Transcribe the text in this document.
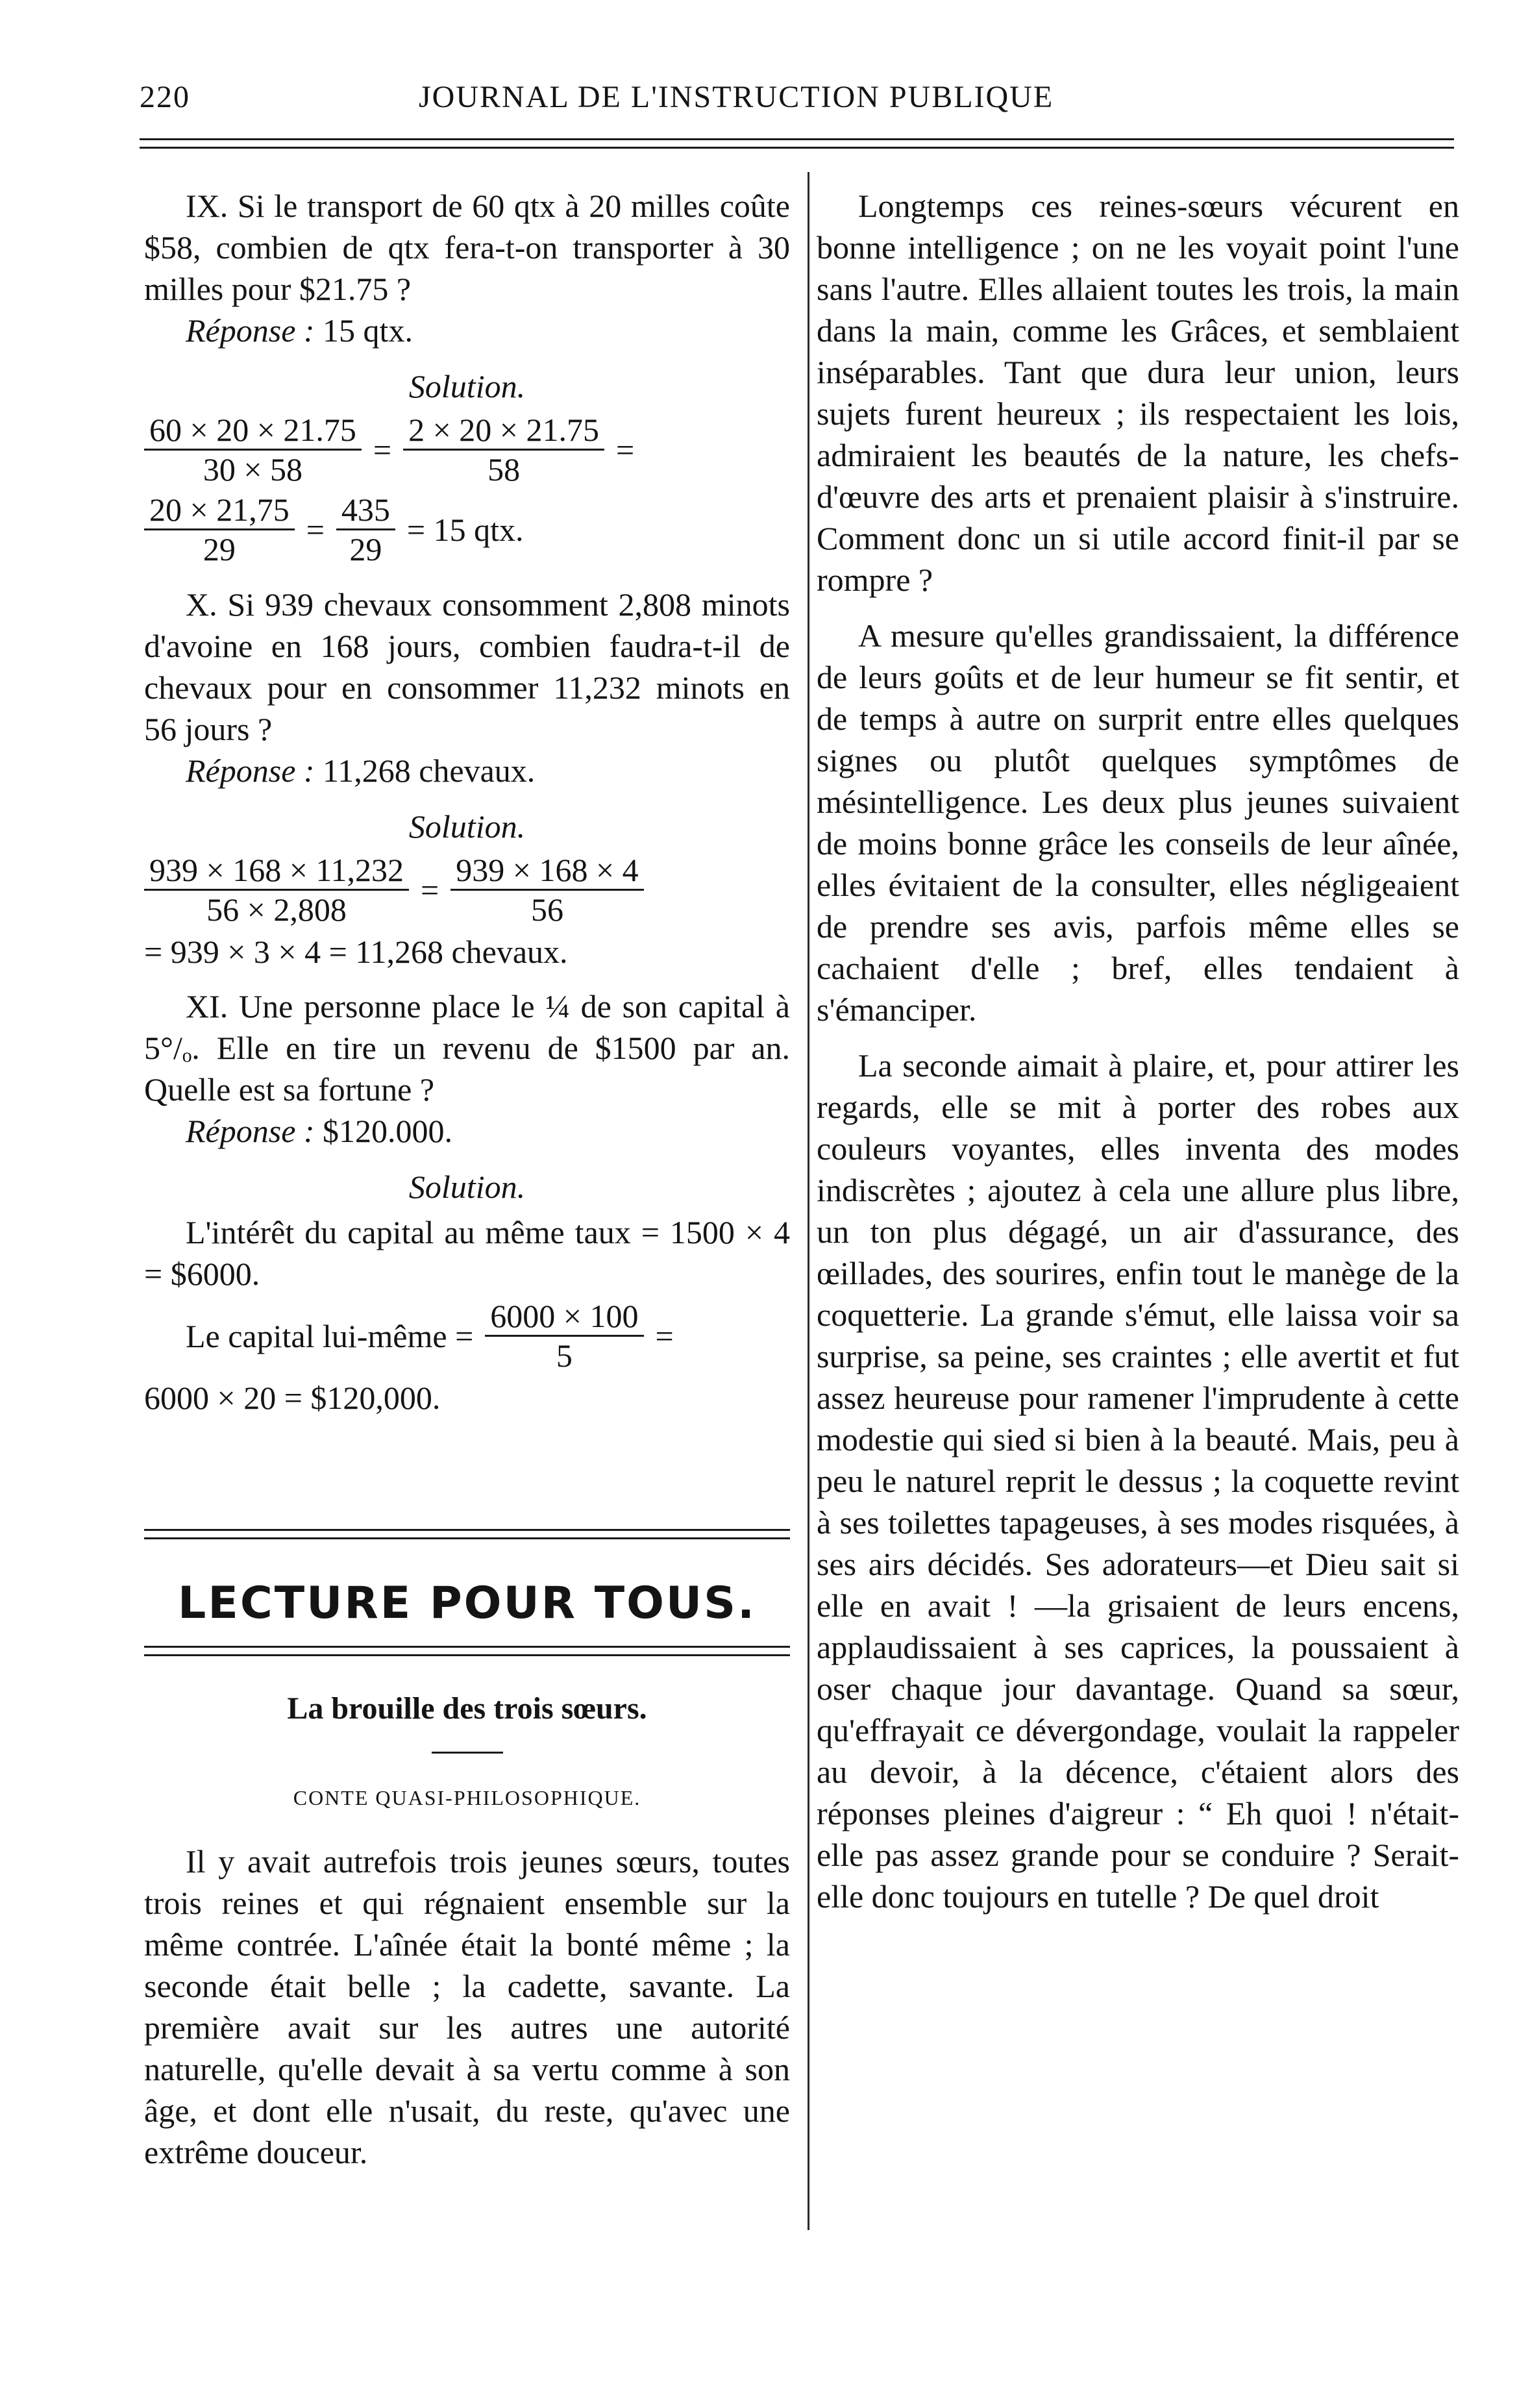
220	JOURNAL DE L'INSTRUCTION PUBLIQUE

IX. Si le transport de 60 qtx à 20 milles coûte $58, combien de qtx fera-t-on transporter à 30 milles pour $21.75 ?

Réponse : 15 qtx.

Solution.
$\frac{60 \times 20 \times 21.75}{30 \times 58} = \frac{2 \times 20 \times 21.75}{58}$ =
$\frac{20 \times 21,75}{29} = \frac{435}{29} = 15$ qtx.

X. Si 939 chevaux consomment 2,808 minots d'avoine en 168 jours, combien faudra-t-il de chevaux pour en consommer 11,232 minots en 56 jours ?

Réponse : 11,268 chevaux.

Solution.
$\frac{939 \times 168 \times 11,232}{56 \times 2,808} = \frac{939 \times 168 \times 4}{56}$
= 939 × 3 × 4 = 11,268 chevaux.

XI. Une personne place le ¼ de son capital à 5°/ₒ. Elle en tire un revenu de $1500 par an. Quelle est sa fortune ?

Réponse : $120.000.

Solution.

L'intérêt du capital au même taux = 1500 × 4 = $6000.

Le capital lui-même = $\frac{6000 \times 100}{5}$ =
6000 × 20 = $120,000.
LECTURE POUR TOUS.

La brouille des trois sœurs.

CONTE QUASI-PHILOSOPHIQUE.

Il y avait autrefois trois jeunes sœurs, toutes trois reines et qui régnaient ensemble sur la même contrée. L'aînée était la bonté même ; la seconde était belle ; la cadette, savante. La première avait sur les autres une autorité naturelle, qu'elle devait à sa vertu comme à son âge, et dont elle n'usait, du reste, qu'avec une extrême douceur.

Longtemps ces reines-sœurs vécurent en bonne intelligence ; on ne les voyait point l'une sans l'autre. Elles allaient toutes les trois, la main dans la main, comme les Grâces, et semblaient inséparables. Tant que dura leur union, leurs sujets furent heureux ; ils respectaient les lois, admiraient les beautés de la nature, les chefs-d'œuvre des arts et prenaient plaisir à s'instruire. Comment donc un si utile accord finit-il par se rompre ?

A mesure qu'elles grandissaient, la différence de leurs goûts et de leur humeur se fit sentir, et de temps à autre on surprit entre elles quelques signes ou plutôt quelques symptômes de mésintelligence. Les deux plus jeunes suivaient de moins bonne grâce les conseils de leur aînée, elles évitaient de la consulter, elles négligeaient de prendre ses avis, parfois même elles se cachaient d'elle ; bref, elles tendaient à s'émanciper.

La seconde aimait à plaire, et, pour attirer les regards, elle se mit à porter des robes aux couleurs voyantes, elles inventa des modes indiscrètes ; ajoutez à cela une allure plus libre, un ton plus dégagé, un air d'assurance, des œillades, des sourires, enfin tout le manège de la coquetterie. La grande s'émut, elle laissa voir sa surprise, sa peine, ses craintes ; elle avertit et fut assez heureuse pour ramener l'imprudente à cette modestie qui sied si bien à la beauté. Mais, peu à peu le naturel reprit le dessus ; la coquette revint à ses toilettes tapageuses, à ses modes risquées, à ses airs décidés. Ses adorateurs—et Dieu sait si elle en avait ! —la grisaient de leurs encens, applaudissaient à ses caprices, la poussaient à oser chaque jour davantage. Quand sa sœur, qu'effrayait ce dévergondage, voulait la rappeler au devoir, à la décence, c'étaient alors des réponses pleines d'aigreur : “ Eh quoi ! n'était-elle pas assez grande pour se conduire ? Serait-elle donc toujours en tutelle ? De quel droit
